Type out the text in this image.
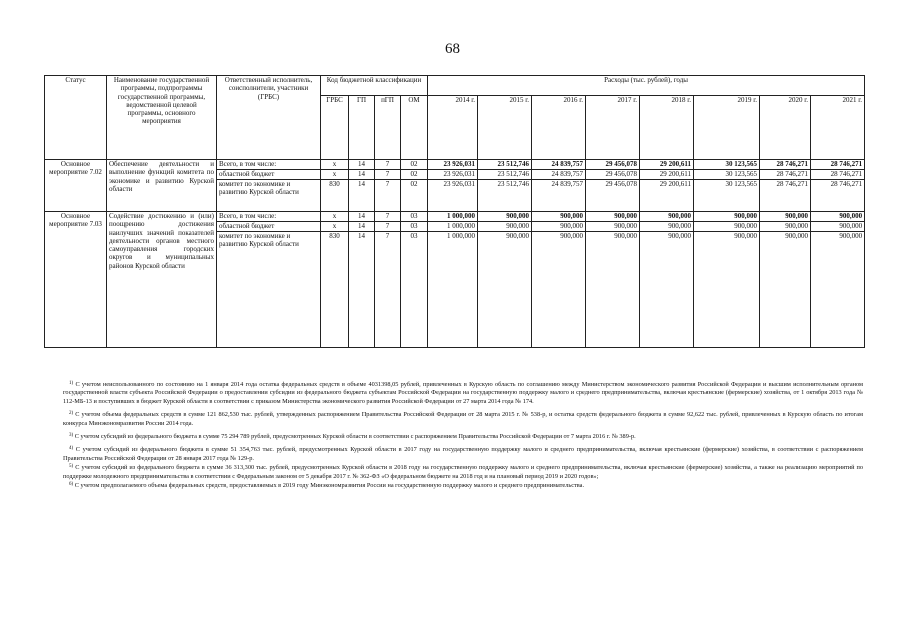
68
Статус	Наименование государственной программы, подпрограммы государственной программы, ведомственной целевой программы, основного мероприятия	Ответственный исполнитель, соисполнители, участники (ГРБС)	Код бюджетной классификации				Расходы (тыс. рублей), годы							
			ГРБС	ГП	пГП	ОМ	2014 г.	2015 г.	2016 г.	2017 г.	2018 г.	2019 г.	2020 г.	2021 г.
Основное мероприятие 7.02	Обеспечение деятельности и выполнение функций комитета по экономике и развитию Курской области	Всего, в том числе:	x	14	7	02	23 926,031	23 512,746	24 839,757	29 456,078	29 200,611	30 123,565	28 746,271	28 746,271
		областной бюджет	x	14	7	02	23 926,031	23 512,746	24 839,757	29 456,078	29 200,611	30 123,565	28 746,271	28 746,271
		комитет по экономике и развитию Курской области	830	14	7	02	23 926,031	23 512,746	24 839,757	29 456,078	29 200,611	30 123,565	28 746,271	28 746,271
Основное мероприятие 7.03	Содействие достижению и (или) поощрению достижения наилучших значений показателей деятельности органов местного самоуправления городских округов и муниципальных районов Курской области	Всего, в том числе:	x	14	7	03	1 000,000	900,000	900,000	900,000	900,000	900,000	900,000	900,000
		областной бюджет	x	14	7	03	1 000,000	900,000	900,000	900,000	900,000	900,000	900,000	900,000
		комитет по экономике и развитию Курской области	830	14	7	03	1 000,000	900,000	900,000	900,000	900,000	900,000	900,000	900,000

$^{1)}$ С учетом неиспользованного по состоянию на 1 января 2014 года остатка федеральных средств в объеме 4031398,05 рублей, привлеченных в Курскую область по соглашению между Министерством экономического развития Российской Федерации и высшим исполнительным органом государственной власти субъекта Российской Федерации о предоставлении субсидии из федерального бюджета субъектам Российской Федерации на государственную поддержку малого и среднего предпринимательства, включая крестьянские (фермерские) хозяйства, от 1 октября 2013 года № 112-МБ-13 и поступивших в бюджет Курской области в соответствии с приказом Министерства экономического развития Российской Федерации от 27 марта 2014 года № 174.

$^{2)}$ С учетом объема федеральных средств в сумме 121 862,530 тыс. рублей, утвержденных распоряжением Правительства Российской Федерации от 28 марта 2015 г. № 538-р, и остатка средств федерального бюджета в сумме 92,622 тыс. рублей, привлеченных в Курскую область по итогам конкурса Минэкономразвития России 2014 года.

$^{3)}$ С учетом субсидий из федерального бюджета в сумме 75 294 789 рублей, предусмотренных Курской области в соответствии с распоряжением Правительства Российской Федерации от 7 марта 2016 г. № 389-р.

$^{4)}$ С учетом субсидий из федерального бюджета в сумме 51 354,763 тыс. рублей, предусмотренных Курской области в 2017 году на государственную поддержку малого и среднего предпринимательства, включая крестьянские (фермерские) хозяйства, в соответствии с распоряжением Правительства Российской Федерации от 28 января 2017 года № 129-р.

$^{5)}$ С учетом субсидий из федерального бюджета в сумме 36 313,300 тыс. рублей, предусмотренных Курской области в 2018 году на государственную поддержку малого и среднего предпринимательства, включая крестьянские (фермерские) хозяйства, а также на реализацию мероприятий по поддержке молодежного предпринимательства в соответствии с Федеральным законом от 5 декабря 2017 г. № 362-ФЗ «О федеральном бюджете на 2018 год и на плановый период 2019 и 2020 годов»;

$^{6)}$ С учетом предполагаемого объема федеральных средств, предоставляемых в 2019 году Минэкономразвития России на государственную поддержку малого и среднего предпринимательства.
